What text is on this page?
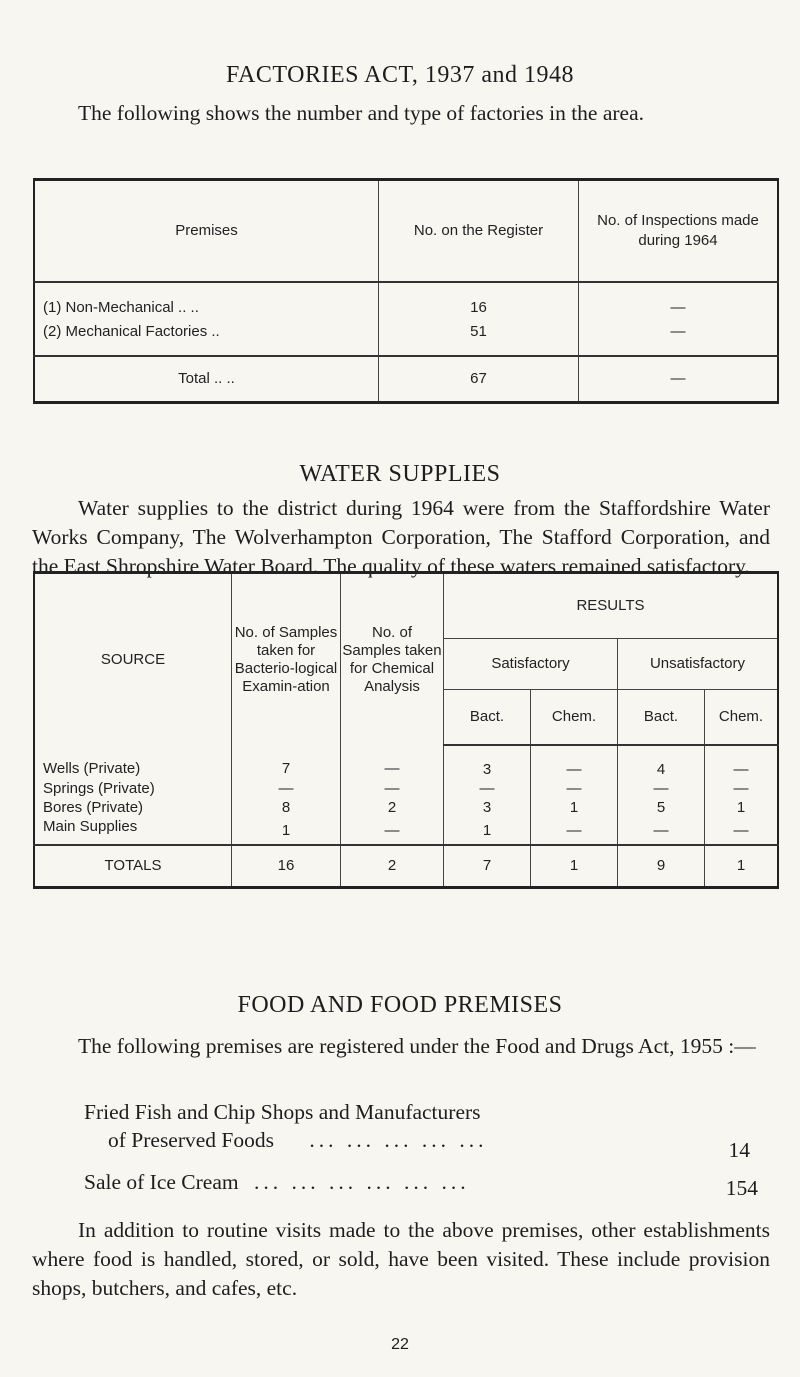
FACTORIES ACT, 1937 and 1948
The following shows the number and type of factories in the area.
Premises	No. on the Register	No. of Inspections made during 1964
(1) Non-Mechanical .. ..	16	—
(2) Mechanical Factories ..	51	—
Total .. ..	67	—
WATER SUPPLIES
Water supplies to the district during 1964 were from the Staffordshire Water Works Company, The Wolverhampton Corporation, The Stafford Corporation, and the East Shropshire Water Board. The quality of these waters remained satisfactory.
SOURCE	No. of Samples taken for Bacterio-logical Examin-ation	No. of Samples taken for Chemical Analysis	RESULTS			
			Satisfactory		Unsatisfactory	
			Bact.	Chem.	Bact.	Chem.
Wells (Private)	7	—	3	—	4	—
Springs (Private)	—	—	—	—	—	—
Bores (Private)	8	2	3	1	5	1
Main Supplies	1	—	1	—	—	—
TOTALS	16	2	7	1	9	1
FOOD AND FOOD PREMISES
The following premises are registered under the Food and Drugs Act, 1955 :—
Fried Fish and Chip Shops and Manufacturers
of Preserved Foods ... ... ... ... ...	14
Sale of Ice Cream ... ... ... ... ... ...	154
In addition to routine visits made to the above premises, other establishments where food is handled, stored, or sold, have been visited. These include provision shops, butchers, and cafes, etc.
22
